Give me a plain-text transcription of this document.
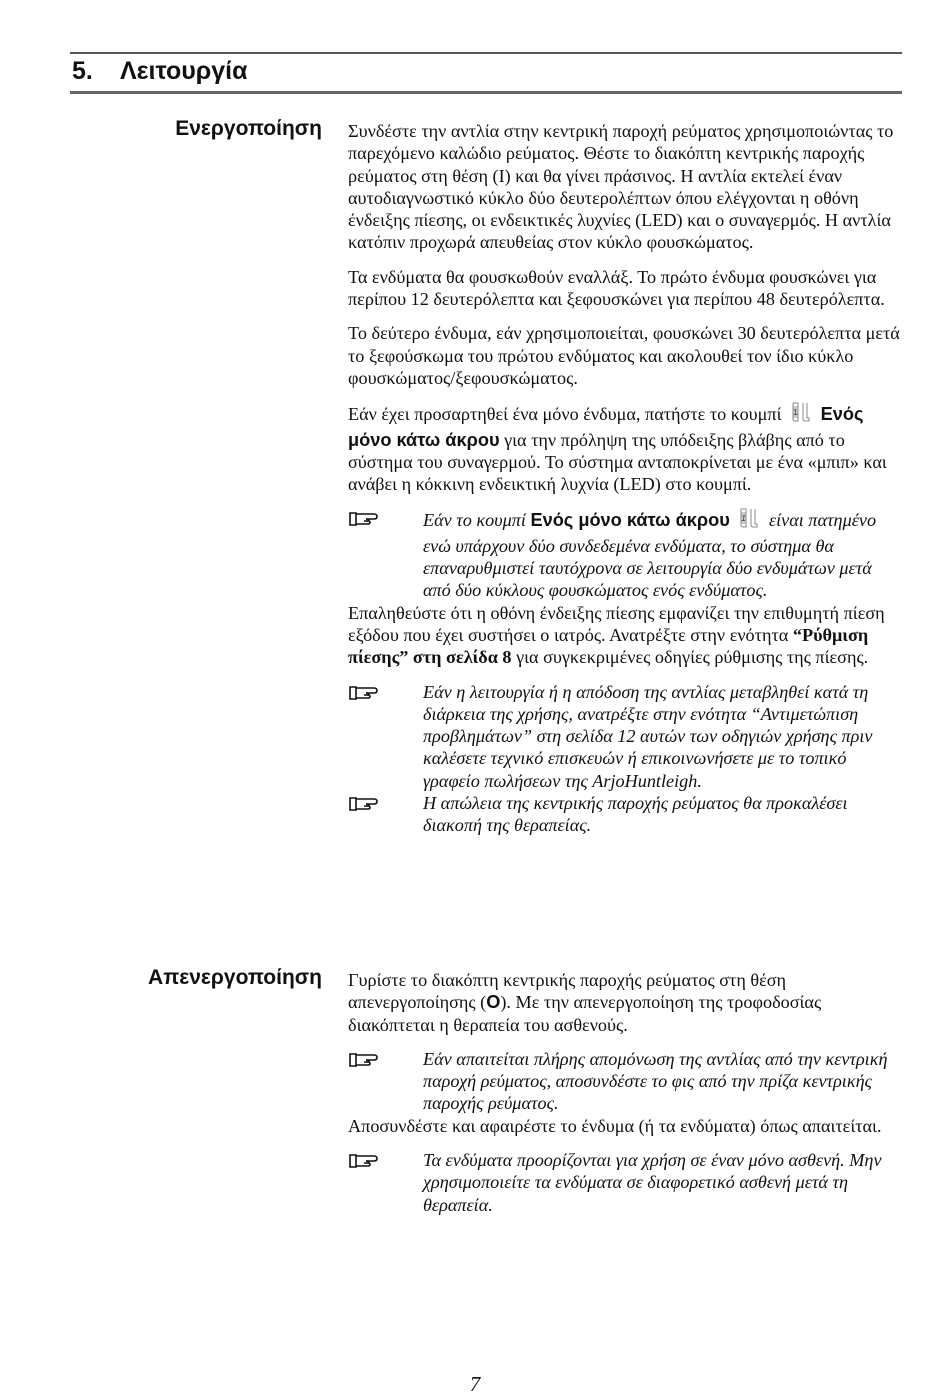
5. Λειτουργία
Ενεργοποίηση Συνδέστε την αντλία στην κεντρική παροχή ρεύματος χρησιμοποιώντας το παρεχόμενο καλώδιο ρεύματος. Θέστε το διακόπτη κεντρικής παροχής ρεύματος στη θέση (I) και θα γίνει πράσινος. Η αντλία εκτελεί έναν αυτοδιαγνωστικό κύκλο δύο δευτερολέπτων όπου ελέγχονται η οθόνη ένδειξης πίεσης, οι ενδεικτικές λυχνίες (LED) και ο συναγερμός. Η αντλία κατόπιν προχωρά απευθείας στον κύκλο φουσκώματος.

Τα ενδύματα θα φουσκωθούν εναλλάξ. Το πρώτο ένδυμα φουσκώνει για περίπου 12 δευτερόλεπτα και ξεφουσκώνει για περίπου 48 δευτερόλεπτα.

Το δεύτερο ένδυμα, εάν χρησιμοποιείται, φουσκώνει 30 δευτερόλεπτα μετά το ξεφούσκωμα του πρώτου ενδύματος και ακολουθεί τον ίδιο κύκλο φουσκώματος/ξεφουσκώματος.

Εάν έχει προσαρτηθεί ένα μόνο ένδυμα, πατήστε το κουμπί 1 Ενός μόνο κάτω άκρου για την πρόληψη της υπόδειξης βλάβης από το σύστημα του συναγερμού. Το σύστημα ανταποκρίνεται με ένα «μπιπ» και ανάβει η κόκκινη ενδεικτική λυχνία (LED) στο κουμπί.

Εάν το κουμπί Ενός μόνο κάτω άκρου 1 είναι πατημένο ενώ υπάρχουν δύο συνδεδεμένα ενδύματα, το σύστημα θα επαναρυθμιστεί ταυτόχρονα σε λειτουργία δύο ενδυμάτων μετά από δύο κύκλους φουσκώματος ενός ενδύματος.

Επαληθεύστε ότι η οθόνη ένδειξης πίεσης εμφανίζει την επιθυμητή πίεση εξόδου που έχει συστήσει ο ιατρός. Ανατρέξτε στην ενότητα “Ρύθμιση πίεσης” στη σελίδα 8 για συγκεκριμένες οδηγίες ρύθμισης της πίεσης.

Εάν η λειτουργία ή η απόδοση της αντλίας μεταβληθεί κατά τη διάρκεια της χρήσης, ανατρέξτε στην ενότητα “Αντιμετώπιση προβλημάτων” στη σελίδα 12 αυτών των οδηγιών χρήσης πριν καλέσετε τεχνικό επισκευών ή επικοινωνήσετε με το τοπικό γραφείο πωλήσεων της ArjoHuntleigh.
Η απώλεια της κεντρικής παροχής ρεύματος θα προκαλέσει διακοπή της θεραπείας.
Απενεργοποίηση Γυρίστε το διακόπτη κεντρικής παροχής ρεύματος στη θέση απενεργοποίησης (O). Με την απενεργοποίηση της τροφοδοσίας διακόπτεται η θεραπεία του ασθενούς.

Εάν απαιτείται πλήρης απομόνωση της αντλίας από την κεντρική παροχή ρεύματος, αποσυνδέστε το φις από την πρίζα κεντρικής παροχής ρεύματος.

Αποσυνδέστε και αφαιρέστε το ένδυμα (ή τα ενδύματα) όπως απαιτείται.

Τα ενδύματα προορίζονται για χρήση σε έναν μόνο ασθενή. Μην χρησιμοποιείτε τα ενδύματα σε διαφορετικό ασθενή μετά τη θεραπεία.
7
